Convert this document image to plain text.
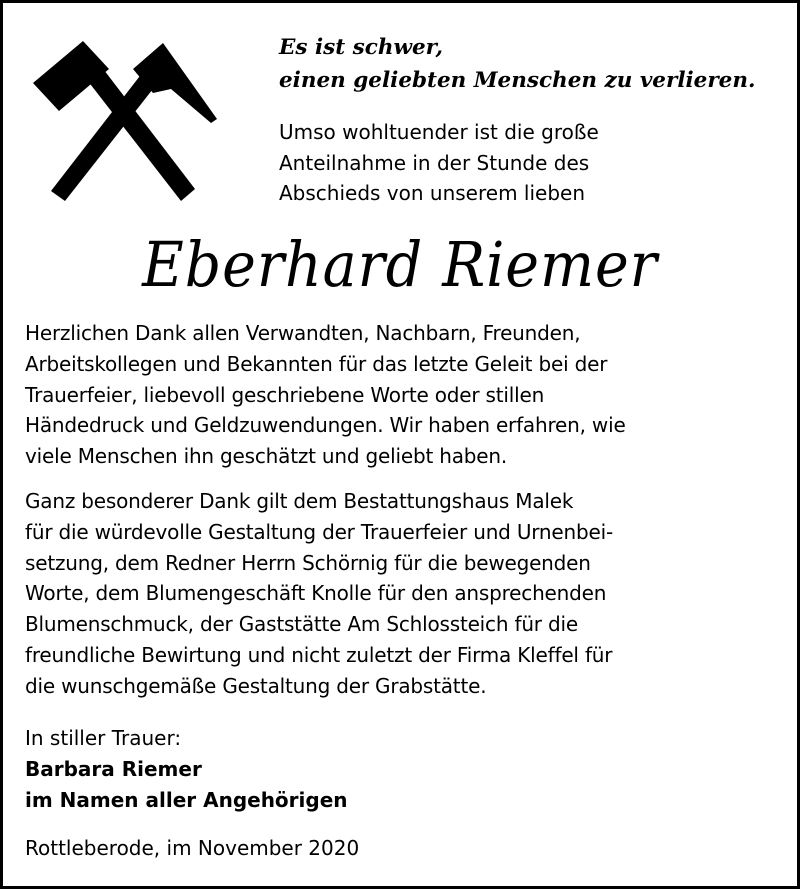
Es ist schwer,
einen geliebten Menschen zu verlieren.
Umso wohltuender ist die große
Anteilnahme in der Stunde des
Abschieds von unserem lieben
Eberhard Riemer
Herzlichen Dank allen Verwandten, Nachbarn, Freunden,
Arbeitskollegen und Bekannten für das letzte Geleit bei der
Trauerfeier, liebevoll geschriebene Worte oder stillen
Händedruck und Geldzuwendungen. Wir haben erfahren, wie
viele Menschen ihn geschätzt und geliebt haben.
Ganz besonderer Dank gilt dem Bestattungshaus Malek
für die würdevolle Gestaltung der Trauerfeier und Urnenbei-
setzung, dem Redner Herrn Schörnig für die bewegenden
Worte, dem Blumengeschäft Knolle für den ansprechenden
Blumenschmuck, der Gaststätte Am Schlossteich für die
freundliche Bewirtung und nicht zuletzt der Firma Kleffel für
die wunschgemäße Gestaltung der Grabstätte.
In stiller Trauer:
Barbara Riemer
im Namen aller Angehörigen
Rottleberode, im November 2020
